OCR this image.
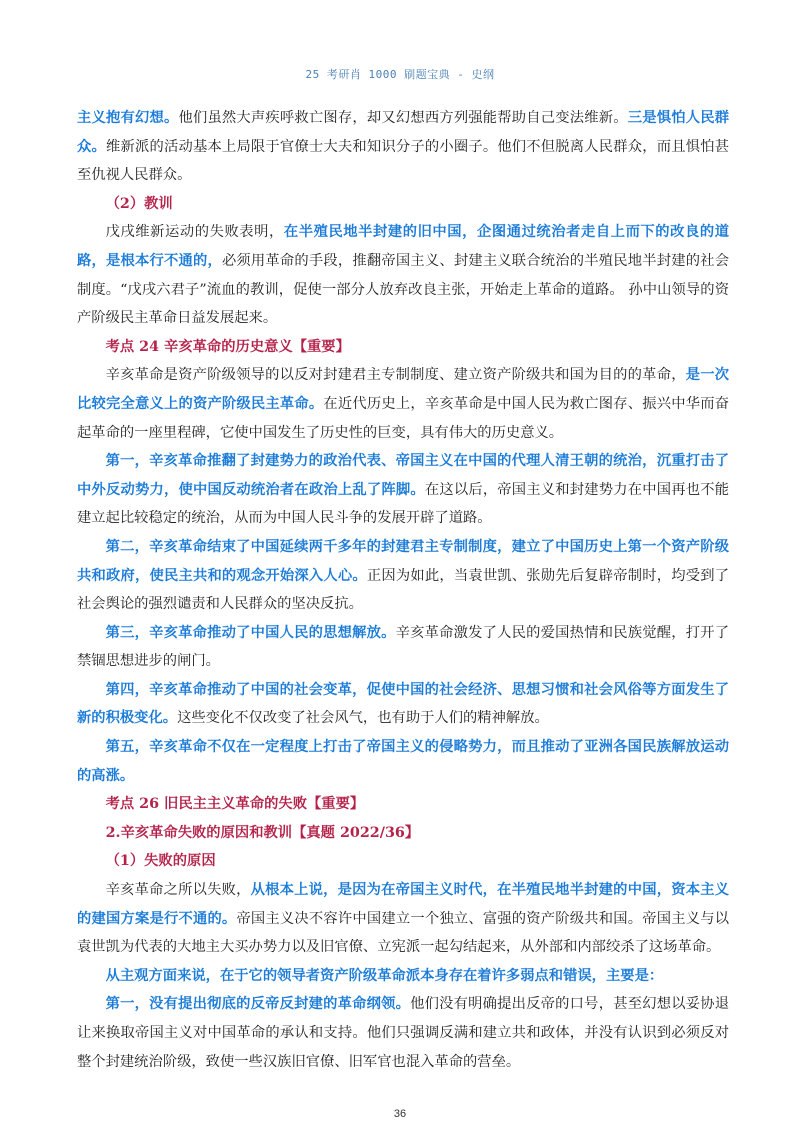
25 考研肖 1000 刷题宝典 - 史纲

主义抱有幻想。他们虽然大声疾呼救亡图存，却又幻想西方列强能帮助自己变法维新。三是惧怕人民群众。维新派的活动基本上局限于官僚士大夫和知识分子的小圈子。他们不但脱离人民群众，而且惧怕甚至仇视人民群众。

（2）教训

戊戌维新运动的失败表明，在半殖民地半封建的旧中国，企图通过统治者走自上而下的改良的道路，是根本行不通的，必须用革命的手段，推翻帝国主义、封建主义联合统治的半殖民地半封建的社会制度。“戊戌六君子”流血的教训，促使一部分人放弃改良主张，开始走上革命的道路。 孙中山领导的资产阶级民主革命日益发展起来。

考点 24 辛亥革命的历史意义【重要】

辛亥革命是资产阶级领导的以反对封建君主专制制度、建立资产阶级共和国为目的的革命，是一次比较完全意义上的资产阶级民主革命。在近代历史上，辛亥革命是中国人民为救亡图存、振兴中华而奋起革命的一座里程碑，它使中国发生了历史性的巨变，具有伟大的历史意义。

第一，辛亥革命推翻了封建势力的政治代表、帝国主义在中国的代理人清王朝的统治，沉重打击了中外反动势力，使中国反动统治者在政治上乱了阵脚。在这以后，帝国主义和封建势力在中国再也不能建立起比较稳定的统治，从而为中国人民斗争的发展开辟了道路。

第二，辛亥革命结束了中国延续两千多年的封建君主专制制度，建立了中国历史上第一个资产阶级共和政府，使民主共和的观念开始深入人心。正因为如此，当袁世凯、张勋先后复辟帝制时，均受到了社会舆论的强烈谴责和人民群众的坚决反抗。

第三，辛亥革命推动了中国人民的思想解放。辛亥革命激发了人民的爱国热情和民族觉醒，打开了禁锢思想进步的闸门。

第四，辛亥革命推动了中国的社会变革，促使中国的社会经济、思想习惯和社会风俗等方面发生了新的积极变化。这些变化不仅改变了社会风气，也有助于人们的精神解放。

第五，辛亥革命不仅在一定程度上打击了帝国主义的侵略势力，而且推动了亚洲各国民族解放运动的高涨。

考点 26 旧民主主义革命的失败【重要】

2.辛亥革命失败的原因和教训【真题 2022/36】

（1）失败的原因

辛亥革命之所以失败，从根本上说，是因为在帝国主义时代，在半殖民地半封建的中国，资本主义的建国方案是行不通的。帝国主义决不容许中国建立一个独立、富强的资产阶级共和国。帝国主义与以袁世凯为代表的大地主大买办势力以及旧官僚、立宪派一起勾结起来，从外部和内部绞杀了这场革命。

从主观方面来说，在于它的领导者资产阶级革命派本身存在着许多弱点和错误，主要是：

第一，没有提出彻底的反帝反封建的革命纲领。他们没有明确提出反帝的口号，甚至幻想以妥协退让来换取帝国主义对中国革命的承认和支持。他们只强调反满和建立共和政体，并没有认识到必须反对整个封建统治阶级，致使一些汉族旧官僚、旧军官也混入革命的营垒。

36
